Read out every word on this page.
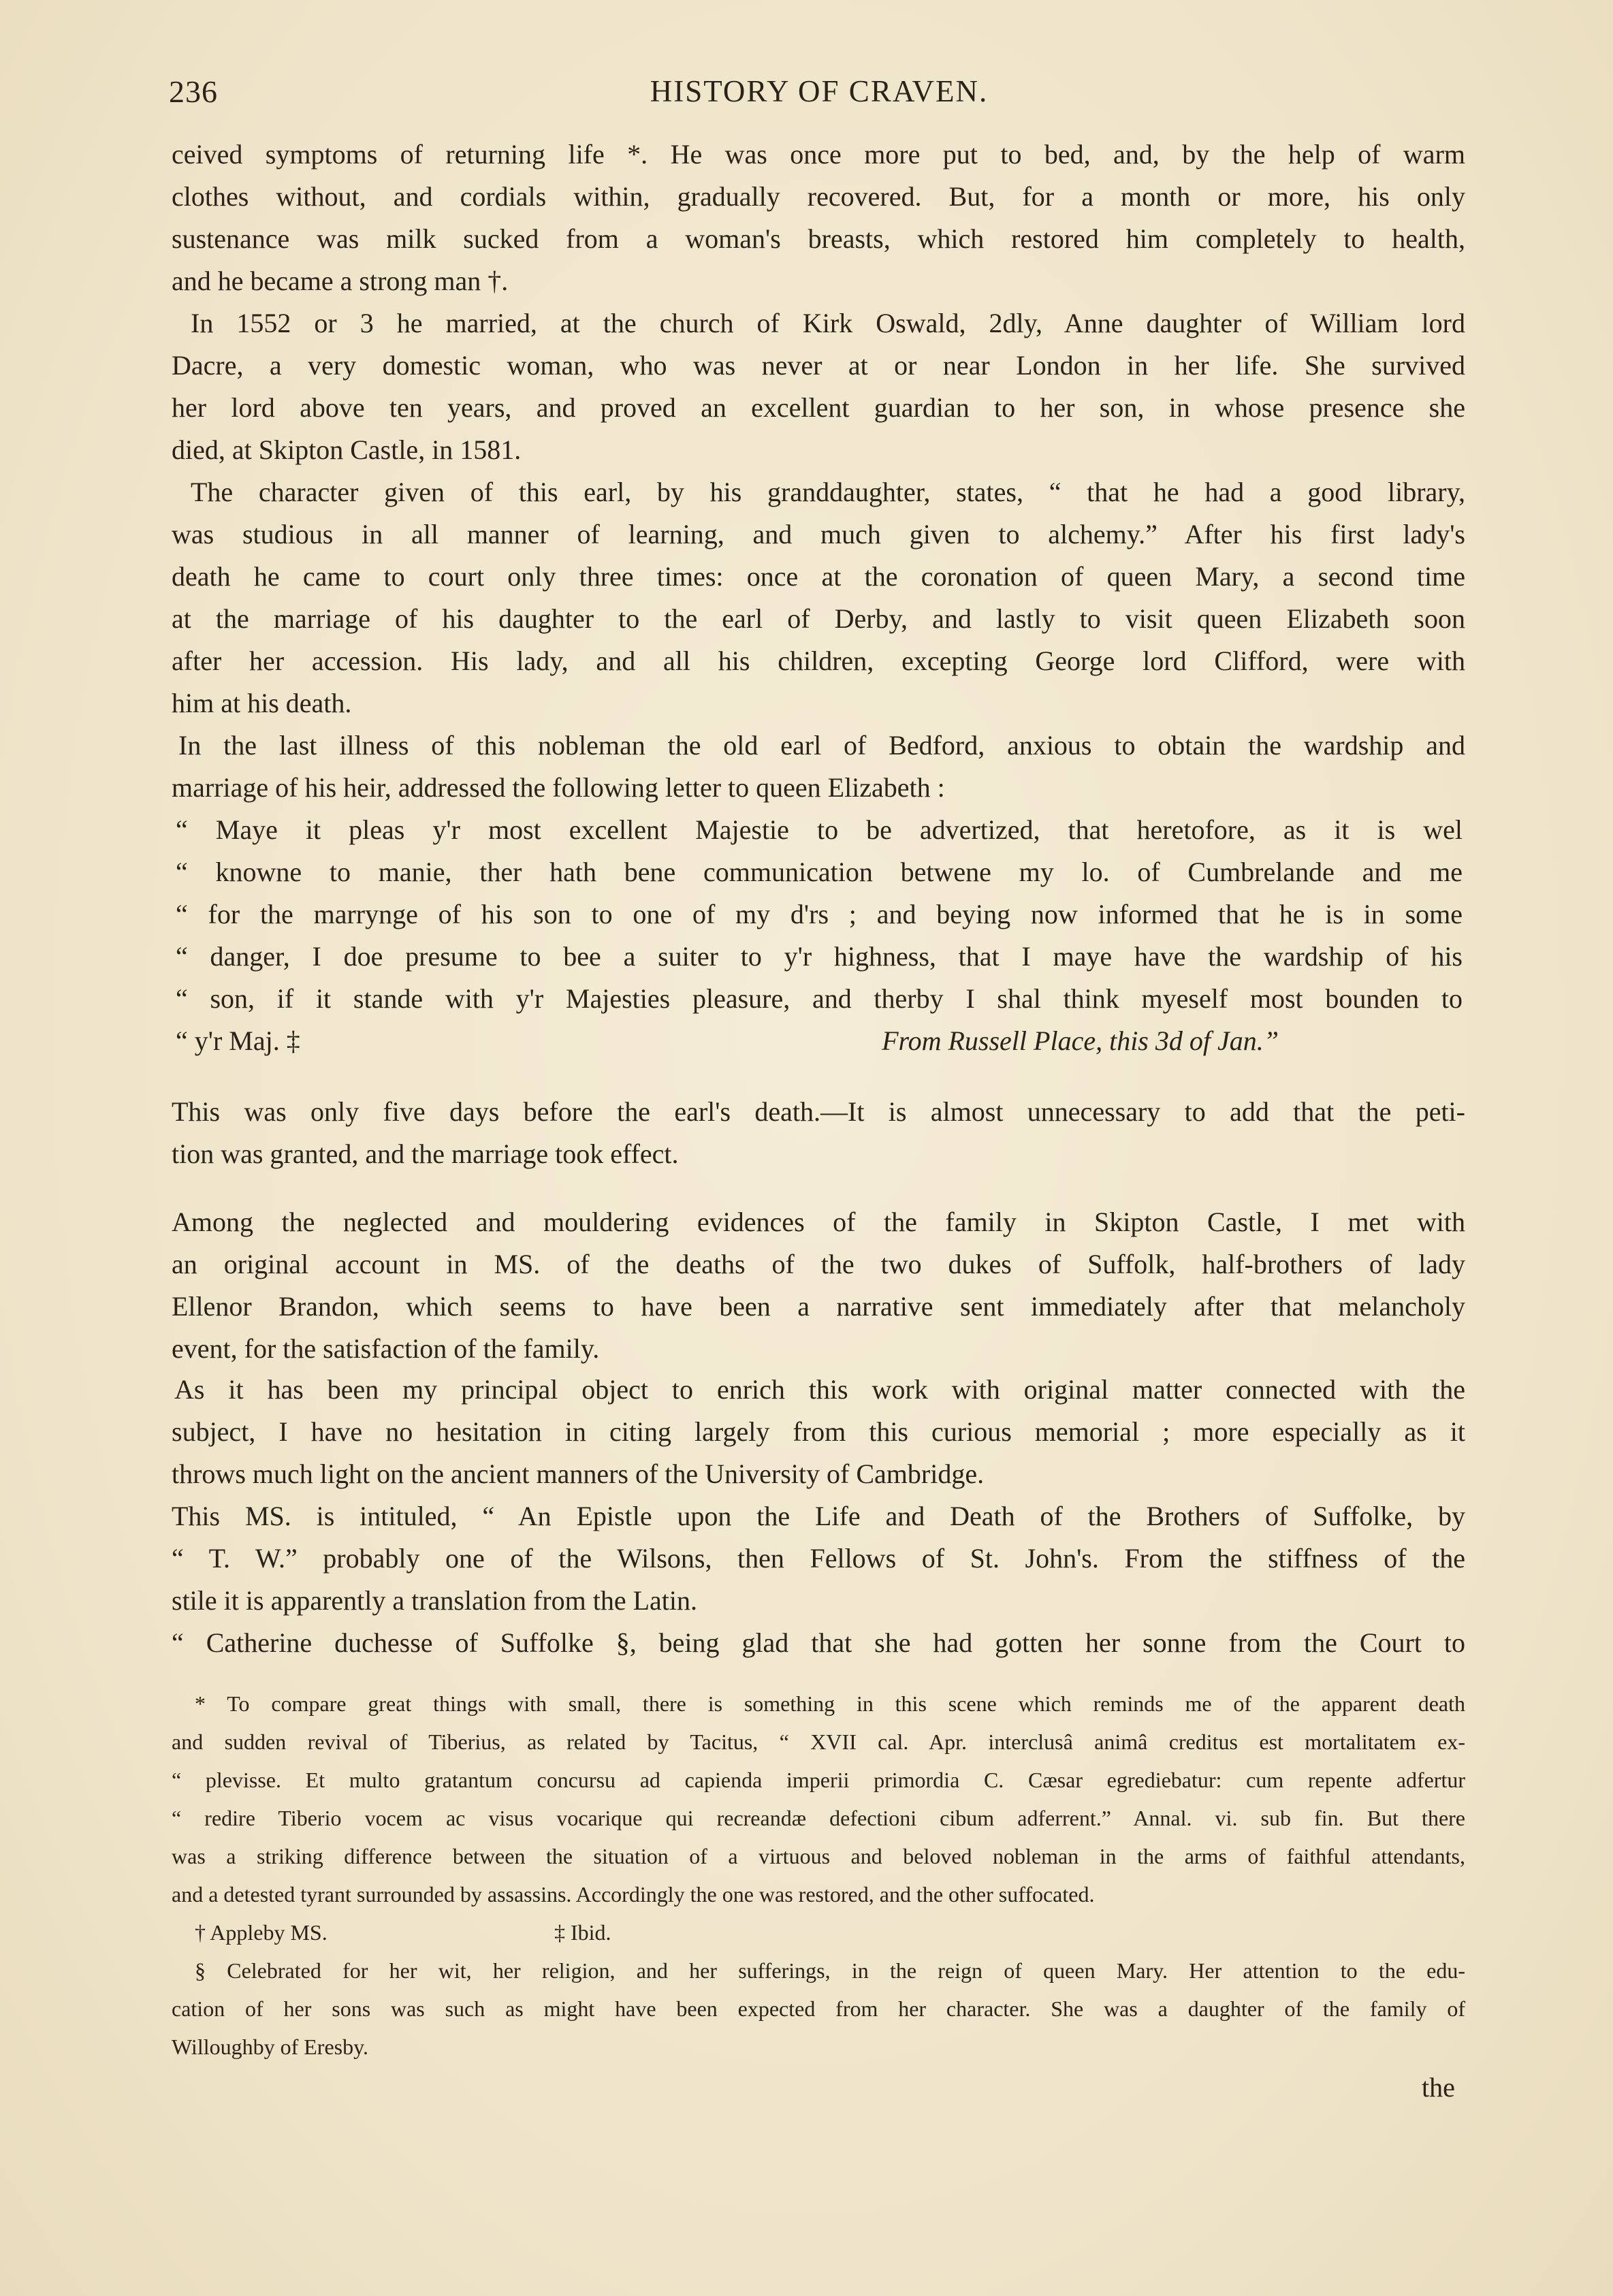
236	HISTORY OF CRAVEN.
ceived symptoms of returning life *. He was once more put to bed, and, by the help of warm
clothes without, and cordials within, gradually recovered. But, for a month or more, his only
sustenance was milk sucked from a woman's breasts, which restored him completely to health,
and he became a strong man †.
In 1552 or 3 he married, at the church of Kirk Oswald, 2dly, Anne daughter of William lord
Dacre, a very domestic woman, who was never at or near London in her life. She survived
her lord above ten years, and proved an excellent guardian to her son, in whose presence she
died, at Skipton Castle, in 1581.
The character given of this earl, by his granddaughter, states, “ that he had a good library,
was studious in all manner of learning, and much given to alchemy.” After his first lady's
death he came to court only three times: once at the coronation of queen Mary, a second time
at the marriage of his daughter to the earl of Derby, and lastly to visit queen Elizabeth soon
after her accession. His lady, and all his children, excepting George lord Clifford, were with
him at his death.
In the last illness of this nobleman the old earl of Bedford, anxious to obtain the wardship and
marriage of his heir, addressed the following letter to queen Elizabeth :
“ Maye it pleas y'r most excellent Majestie to be advertized, that heretofore, as it is wel
“ knowne to manie, ther hath bene communication betwene my lo. of Cumbrelande and me
“ for the marrynge of his son to one of my d'rs ; and beying now informed that he is in some
“ danger, I doe presume to bee a suiter to y'r highness, that I maye have the wardship of his
“ son, if it stande with y'r Majesties pleasure, and therby I shal think myeself most bounden to
“ y'r Maj. ‡	From Russell Place, this 3d of Jan.”
This was only five days before the earl's death.—It is almost unnecessary to add that the peti-
tion was granted, and the marriage took effect.
Among the neglected and mouldering evidences of the family in Skipton Castle, I met with
an original account in MS. of the deaths of the two dukes of Suffolk, half-brothers of lady
Ellenor Brandon, which seems to have been a narrative sent immediately after that melancholy
event, for the satisfaction of the family.
As it has been my principal object to enrich this work with original matter connected with the
subject, I have no hesitation in citing largely from this curious memorial ; more especially as it
throws much light on the ancient manners of the University of Cambridge.
This MS. is intituled, “ An Epistle upon the Life and Death of the Brothers of Suffolke, by
“ T. W.” probably one of the Wilsons, then Fellows of St. John's. From the stiffness of the
stile it is apparently a translation from the Latin.
“ Catherine duchesse of Suffolke §, being glad that she had gotten her sonne from the Court to
* To compare great things with small, there is something in this scene which reminds me of the apparent death
and sudden revival of Tiberius, as related by Tacitus, “ XVII cal. Apr. interclusâ animâ creditus est mortalitatem ex-
“ plevisse. Et multo gratantum concursu ad capienda imperii primordia C. Cæsar egrediebatur: cum repente adfertur
“ redire Tiberio vocem ac visus vocarique qui recreandæ defectioni cibum adferrent.” Annal. vi. sub fin. But there
was a striking difference between the situation of a virtuous and beloved nobleman in the arms of faithful attendants,
and a detested tyrant surrounded by assassins. Accordingly the one was restored, and the other suffocated.
† Appleby MS.	‡ Ibid.
§ Celebrated for her wit, her religion, and her sufferings, in the reign of queen Mary. Her attention to the edu-
cation of her sons was such as might have been expected from her character. She was a daughter of the family of
Willoughby of Eresby.
the
